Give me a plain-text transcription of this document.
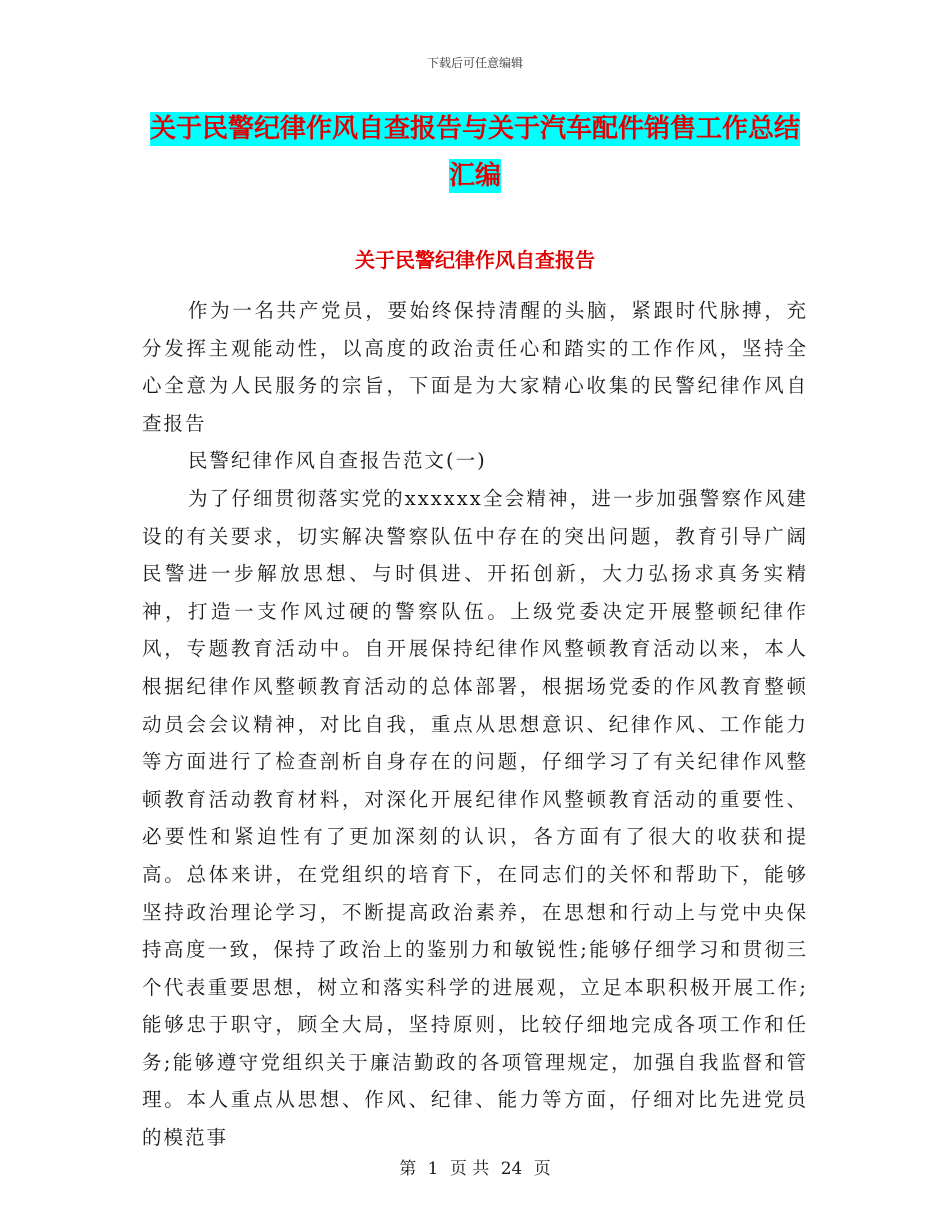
下载后可任意编辑
关于民警纪律作风自查报告与关于汽车配件销售工作总结汇编
关于民警纪律作风自查报告

作为一名共产党员，要始终保持清醒的头脑，紧跟时代脉搏，充分发挥主观能动性，以高度的政治责任心和踏实的工作作风，坚持全心全意为人民服务的宗旨，下面是为大家精心收集的民警纪律作风自查报告

民警纪律作风自查报告范文(一)

为了仔细贯彻落实党的xxxxxx全会精神，进一步加强警察作风建设的有关要求，切实解决警察队伍中存在的突出问题，教育引导广阔民警进一步解放思想、与时俱进、开拓创新，大力弘扬求真务实精神，打造一支作风过硬的警察队伍。上级党委决定开展整顿纪律作风，专题教育活动中。自开展保持纪律作风整顿教育活动以来，本人根据纪律作风整顿教育活动的总体部署，根据场党委的作风教育整顿动员会会议精神，对比自我，重点从思想意识、纪律作风、工作能力等方面进行了检查剖析自身存在的问题，仔细学习了有关纪律作风整顿教育活动教育材料，对深化开展纪律作风整顿教育活动的重要性、必要性和紧迫性有了更加深刻的认识，各方面有了很大的收获和提高。总体来讲，在党组织的培育下，在同志们的关怀和帮助下，能够坚持政治理论学习，不断提高政治素养，在思想和行动上与党中央保持高度一致，保持了政治上的鉴别力和敏锐性;能够仔细学习和贯彻三个代表重要思想，树立和落实科学的进展观，立足本职积极开展工作;能够忠于职守，顾全大局，坚持原则，比较仔细地完成各项工作和任务;能够遵守党组织关于廉洁勤政的各项管理规定，加强自我监督和管理。本人重点从思想、作风、纪律、能力等方面，仔细对比先进党员的模范事

第 1 页 共 24 页
